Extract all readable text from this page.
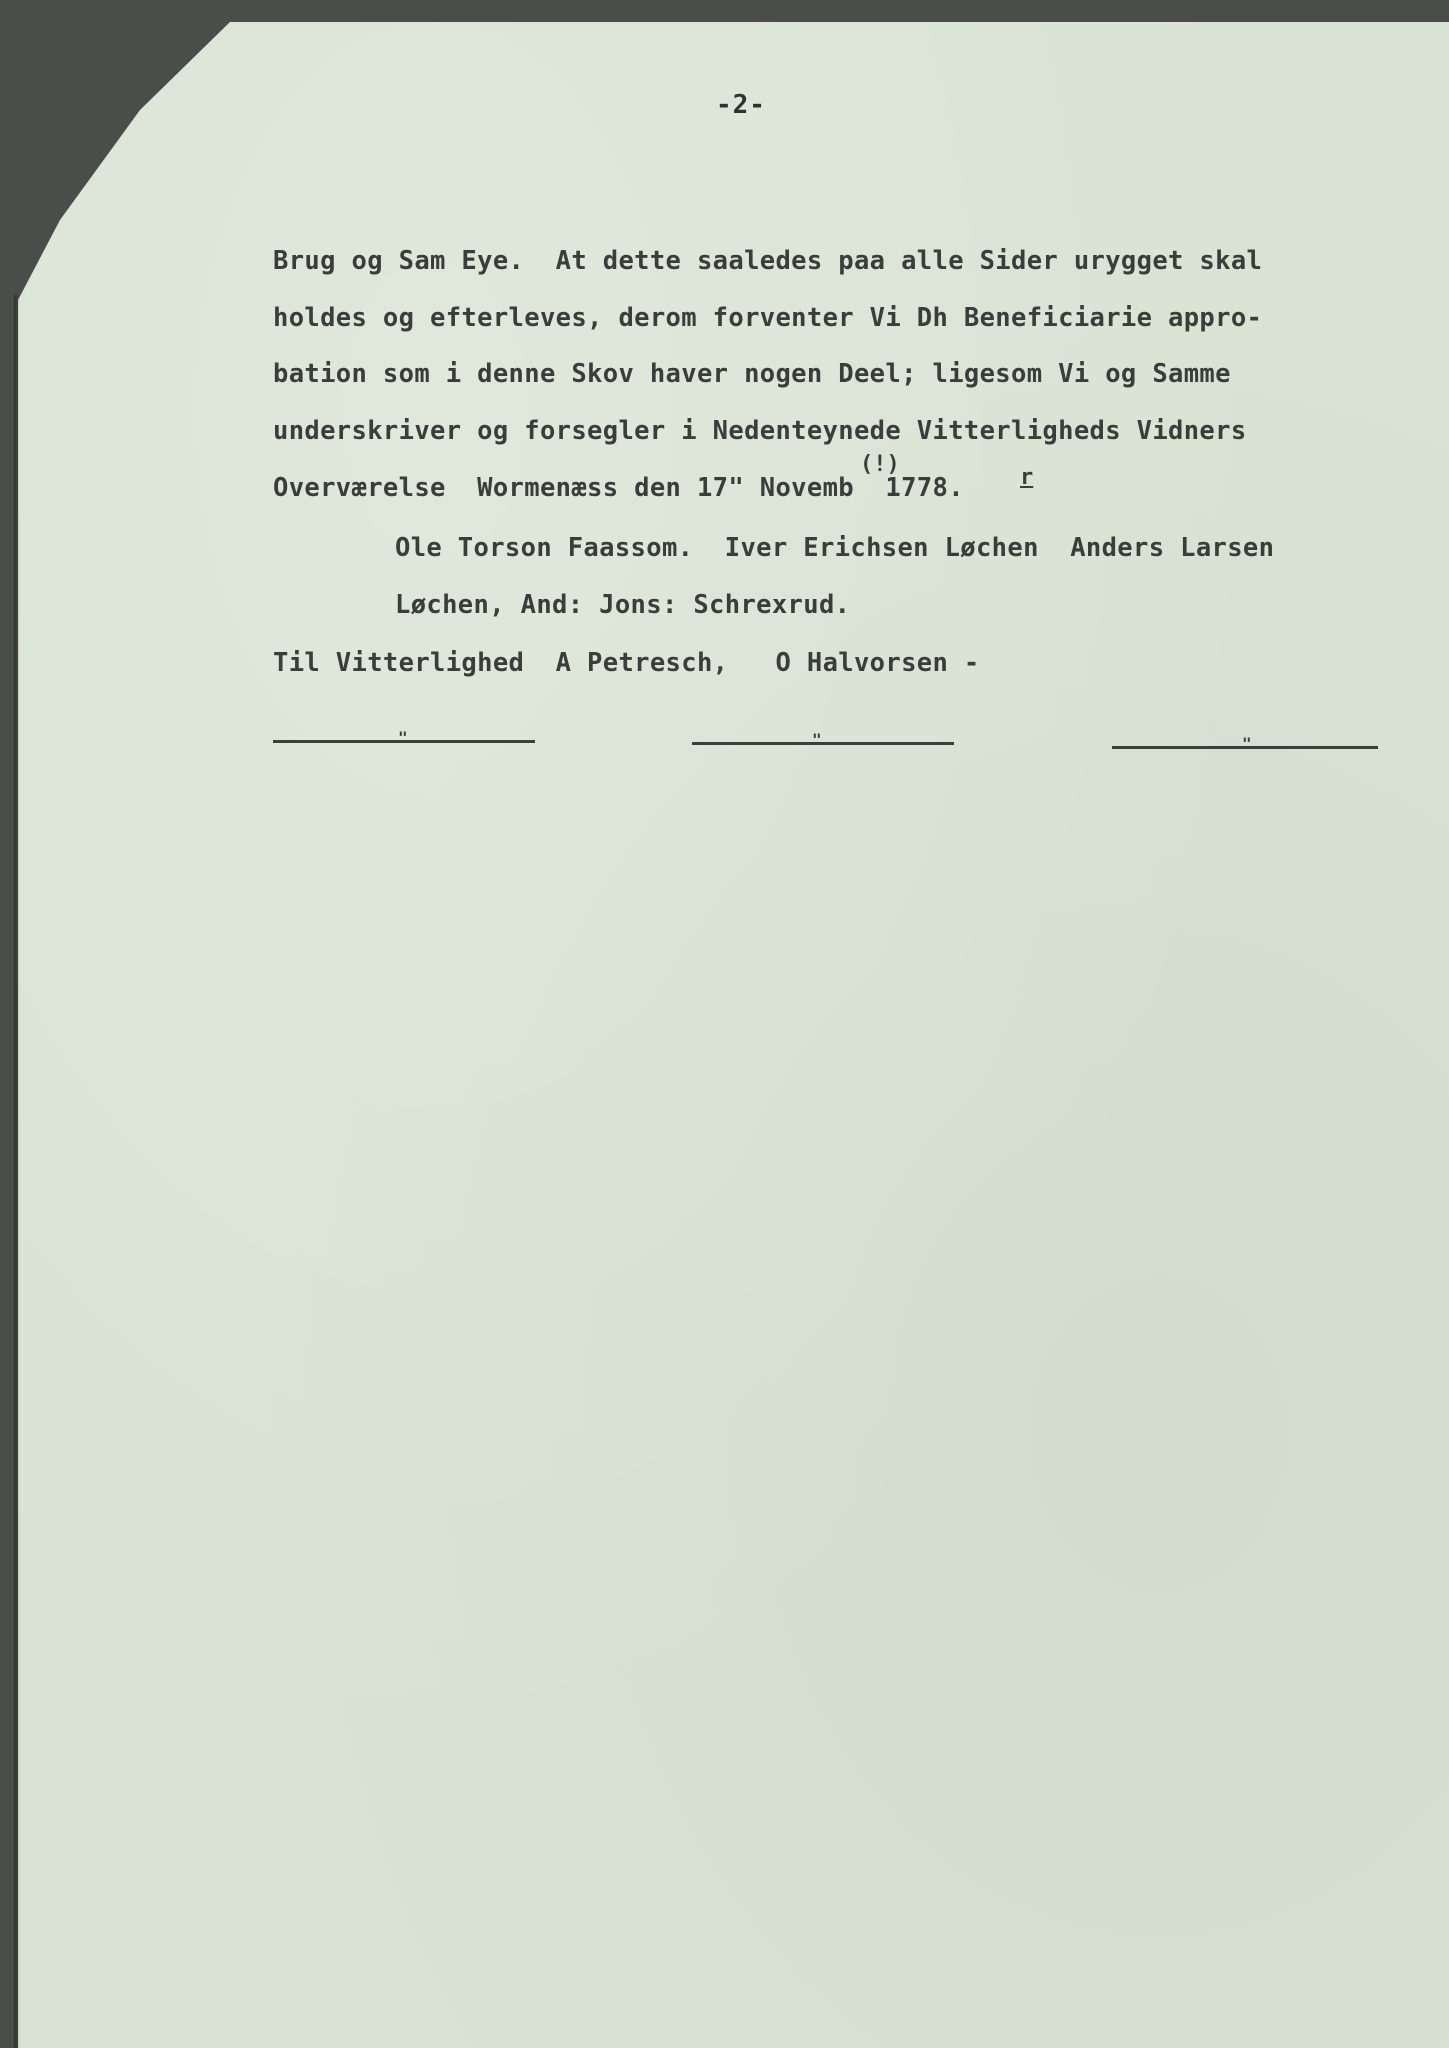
-2-
Brug og Sam Eye.  At dette saaledes paa alle Sider urygget skal
holdes og efterleves, derom forventer Vi Dh Beneficiarie appro-
bation som i denne Skov haver nogen Deel; ligesom Vi og Samme
underskriver og forsegler i Nedenteynede Vitterligheds Vidners
Overværelse  Wormenæss den 17" Novemb  1778.
(!)
r
Ole Torson Faassom.  Iver Erichsen Løchen  Anders Larsen
Løchen, And: Jons: Schrexrud.
Til Vitterlighed  A Petresch,   O Halvorsen -
"	"	"
